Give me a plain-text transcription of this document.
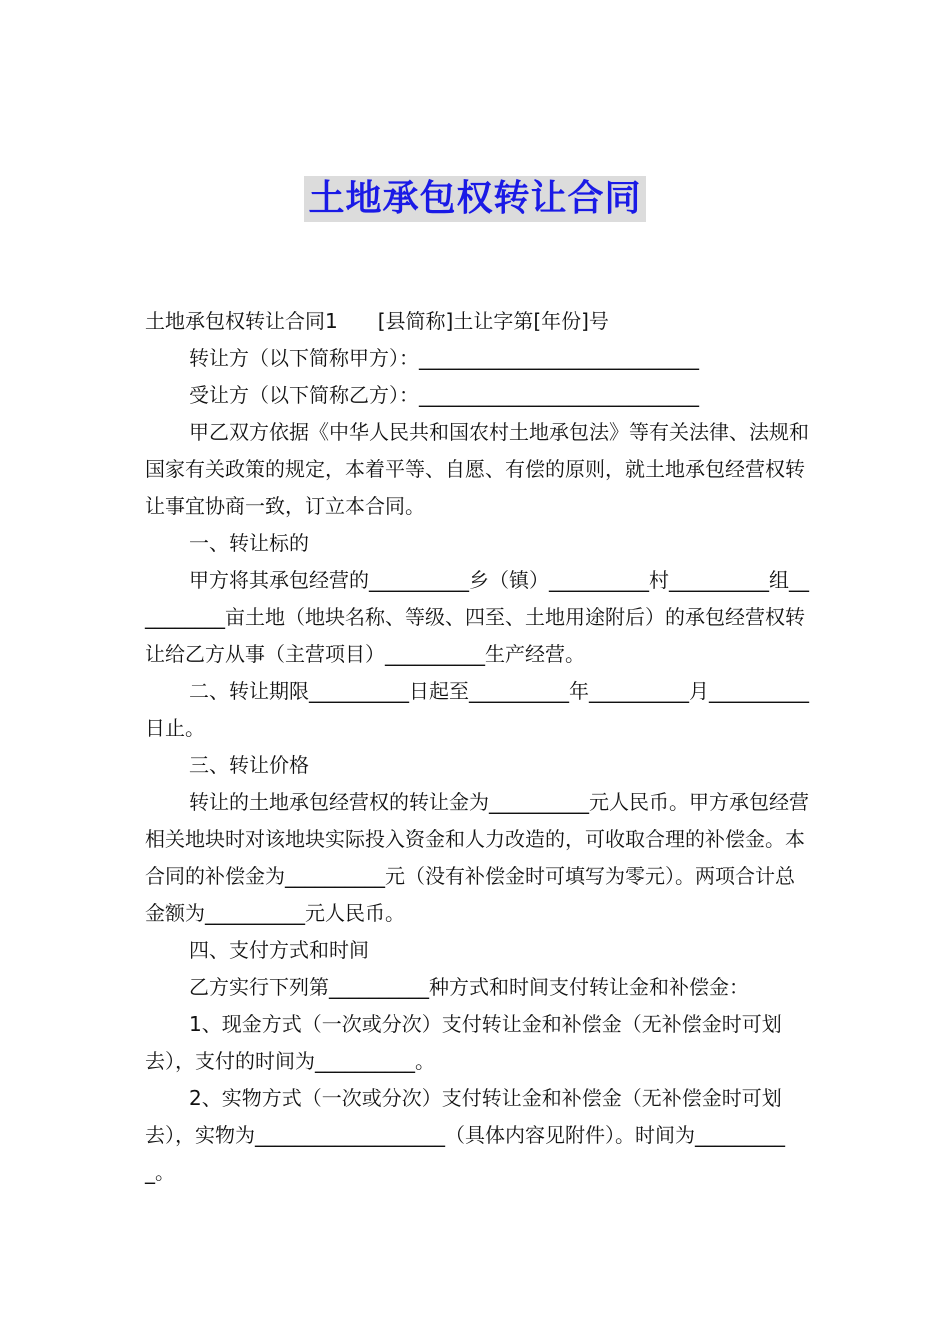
土地承包权转让合同

土地承包权转让合同1　　[县简称]土让字第[年份]号

转让方（以下简称甲方）：____________________________

受让方（以下简称乙方）：____________________________

甲乙双方依据《中华人民共和国农村土地承包法》等有关法律、法规和国家有关政策的规定，本着平等、自愿、有偿的原则，就土地承包经营权转让事宜协商一致，订立本合同。

一、转让标的

甲方将其承包经营的__________乡（镇）__________村__________组__________亩土地（地块名称、等级、四至、土地用途附后）的承包经营权转让给乙方从事（主营项目）__________生产经营。

二、转让期限__________日起至__________年__________月__________日止。

三、转让价格

转让的土地承包经营权的转让金为__________元人民币。甲方承包经营相关地块时对该地块实际投入资金和人力改造的，可收取合理的补偿金。本合同的补偿金为__________元（没有补偿金时可填写为零元）。两项合计总金额为__________元人民币。

四、支付方式和时间

乙方实行下列第__________种方式和时间支付转让金和补偿金：

1、现金方式（一次或分次）支付转让金和补偿金（无补偿金时可划去），支付的时间为__________。

2、实物方式（一次或分次）支付转让金和补偿金（无补偿金时可划去），实物为___________________（具体内容见附件）。时间为__________。
